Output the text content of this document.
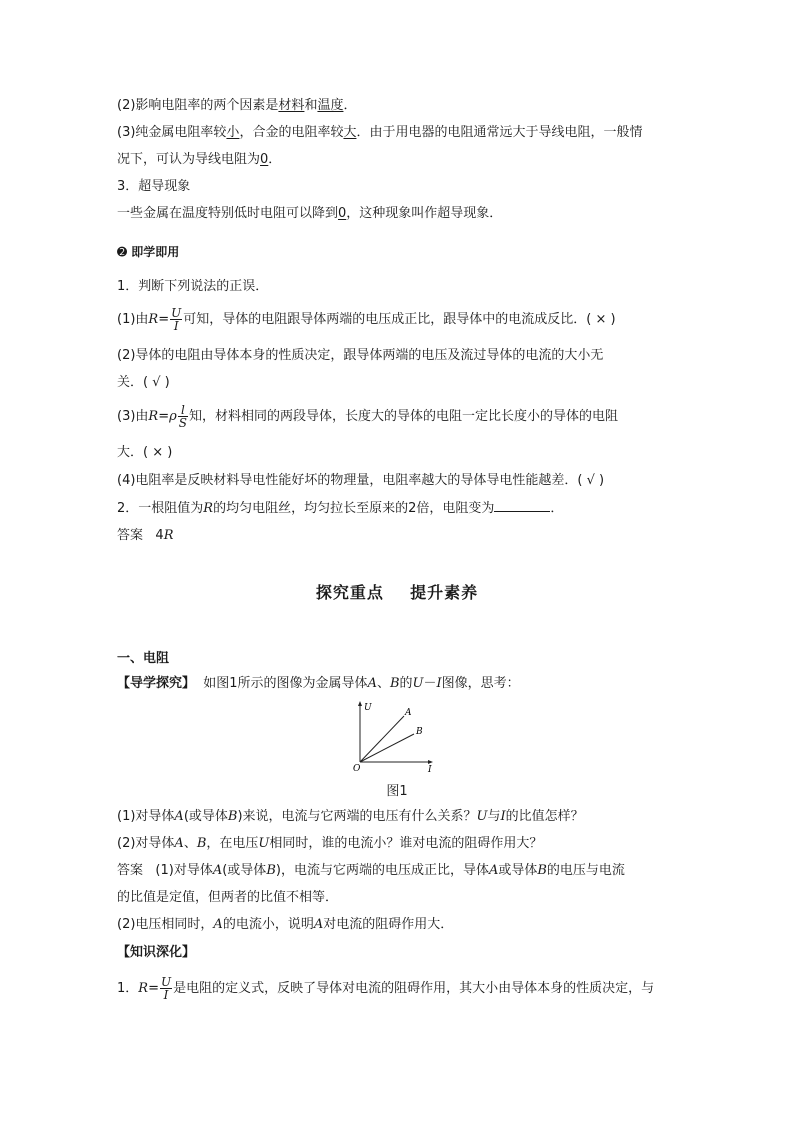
(2)影响电阻率的两个因素是材料和温度．
(3)纯金属电阻率较小，合金的电阻率较大．由于用电器的电阻通常远大于导线电阻，一般情
况下，可认为导线电阻为0．
3．超导现象
一些金属在温度特别低时电阻可以降到0，这种现象叫作超导现象．
➋ 即学即用
1．判断下列说法的正误．
(1)由$R= \frac{U}{I}$ 可知，导体的电阻跟导体两端的电压成正比，跟导体中的电流成反比．( × )
(2)导体的电阻由导体本身的性质决定，跟导体两端的电压及流过导体的电流的大小无
关．( √ )
(3)由$R=\rho \frac{l}{S}$ 知，材料相同的两段导体，长度大的导体的电阻一定比长度小的导体的电阻
大．( × )
(4)电阻率是反映材料导电性能好坏的物理量，电阻率越大的导体导电性能越差．( √ )
2．一根阻值为R的均匀电阻丝，均匀拉长至原来的2倍，电阻变为	．
答案 4R
探究重点    提升素养
一、电阻
【导学探究】 如图1所示的图像为金属导体A、B的U－I图像，思考：
U
I
O
A
B
图1
(1)对导体A(或导体B)来说，电流与它两端的电压有什么关系？U与I的比值怎样？
(2)对导体A、B，在电压U相同时，谁的电流小？谁对电流的阻碍作用大？
答案 (1)对导体A(或导体B)，电流与它两端的电压成正比，导体A或导体B的电压与电流
的比值是定值，但两者的比值不相等．
(2)电压相同时，A的电流小，说明A对电流的阻碍作用大．
【知识深化】
1．$R= \frac{U}{I}$ 是电阻的定义式，反映了导体对电流的阻碍作用，其大小由导体本身的性质决定，与
